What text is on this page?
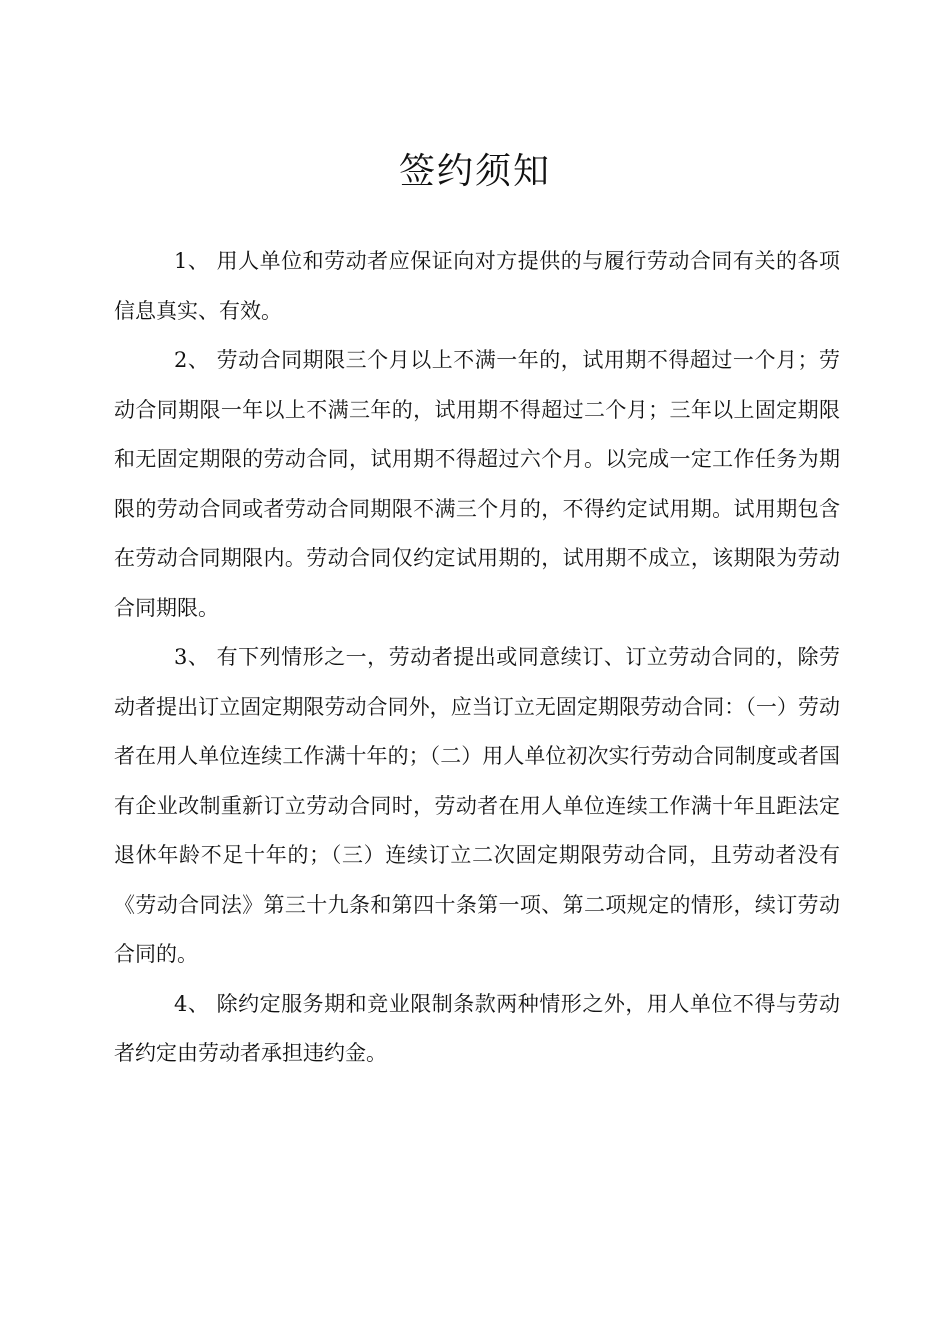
签约须知

1、 用人单位和劳动者应保证向对方提供的与履行劳动合同有关的各项信息真实、有效。

2、 劳动合同期限三个月以上不满一年的，试用期不得超过一个月；劳动合同期限一年以上不满三年的，试用期不得超过二个月；三年以上固定期限和无固定期限的劳动合同，试用期不得超过六个月。以完成一定工作任务为期限的劳动合同或者劳动合同期限不满三个月的，不得约定试用期。试用期包含在劳动合同期限内。劳动合同仅约定试用期的，试用期不成立，该期限为劳动合同期限。

3、 有下列情形之一，劳动者提出或同意续订、订立劳动合同的，除劳动者提出订立固定期限劳动合同外，应当订立无固定期限劳动合同：（一）劳动者在用人单位连续工作满十年的；（二）用人单位初次实行劳动合同制度或者国有企业改制重新订立劳动合同时，劳动者在用人单位连续工作满十年且距法定退休年龄不足十年的；（三）连续订立二次固定期限劳动合同，且劳动者没有《劳动合同法》第三十九条和第四十条第一项、第二项规定的情形，续订劳动合同的。

4、 除约定服务期和竞业限制条款两种情形之外，用人单位不得与劳动者约定由劳动者承担违约金。
